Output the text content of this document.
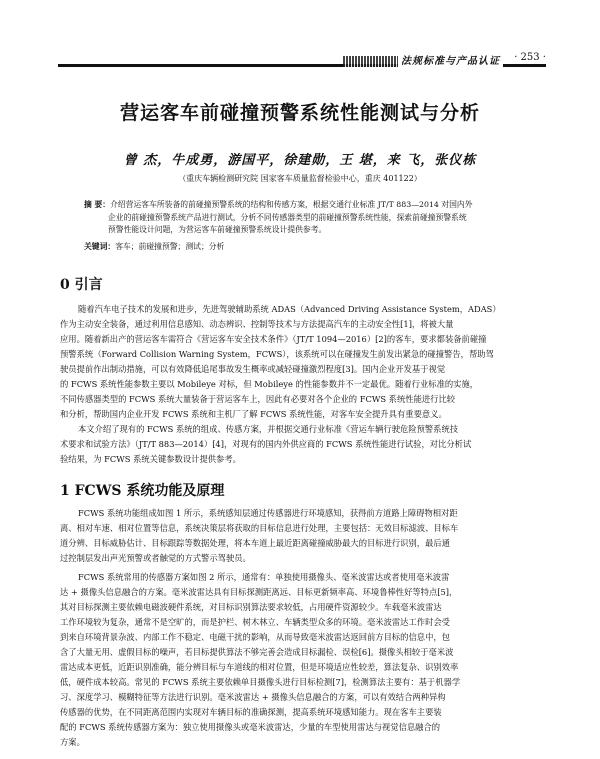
法规标准与产品认证	· 253 ·
营运客车前碰撞预警系统性能测试与分析
曾 杰，牛成勇，游国平，徐建勋，王 堪，来 飞，张仪栋
（重庆车辆检测研究院 国家客车质量监督检验中心，重庆 401122）
摘 要：介绍营运客车所装备的前碰撞预警系统的结构和传感方案，根据交通行业标准 JT/T 883—2014 对国内外
企业的前碰撞预警系统产品进行测试，分析不同传感器类型的前碰撞预警系统性能，探索前碰撞预警系统
预警性能设计问题，为营运客车前碰撞预警系统设计提供参考。
关键词：客车；前碰撞预警；测试；分析
0 引言
随着汽车电子技术的发展和进步，先进驾驶辅助系统 ADAS（Advanced Driving Assistance System，ADAS）
作为主动安全装备，通过利用信息感知、动态辨识、控制等技术与方法提高汽车的主动安全性[1]，将被大量
应用。随着新出产的营运客车需符合《营运客车安全技术条件》（JT/T 1094—2016）[2]的客车，要求都装备前碰撞
预警系统（Forward Collision Warning System，FCWS），该系统可以在碰撞发生前发出紧急的碰撞警告，帮助驾
驶员提前作出制动措施，可以有效降低追尾事故发生概率或减轻碰撞激烈程度[3]。国内企业开发基于视觉
的 FCWS 系统性能参数主要以 Mobileye 对标，但 Mobileye 的性能参数并不一定最优。随着行业标准的实施，
不同传感器类型的 FCWS 系统大量装备于营运客车上，因此有必要对各个企业的 FCWS 系统性能进行比较
和分析，帮助国内企业开发 FCWS 系统和主机厂了解 FCWS 系统性能，对客车安全提升具有重要意义。
本文介绍了现有的 FCWS 系统的组成、传感方案，并根据交通行业标准《营运车辆行驶危险预警系统技
术要求和试验方法》（JT/T 883—2014）[4]，对现有的国内外供应商的 FCWS 系统性能进行试验，对比分析试
验结果，为 FCWS 系统关键参数设计提供参考。
1 FCWS 系统功能及原理
FCWS 系统功能组成如图 1 所示，系统感知层通过传感器进行环境感知，获得前方道路上障碍物相对距
离、相对车速、相对位置等信息，系统决策层将获取的目标信息进行处理，主要包括：无效目标滤波、目标车
道分辨、目标威胁估计、目标跟踪等数据处理，将本车道上最近距离碰撞威胁最大的目标进行识别，最后通
过控制层发出声光预警或者触觉的方式警示驾驶员。
FCWS 系统常用的传感器方案如图 2 所示，通常有：单独使用摄像头、毫米波雷达或者使用毫米波雷
达 + 摄像头信息融合的方案。毫米波雷达具有目标探测距离远、目标更新频率高、环境鲁棒性好等特点[5]，
其对目标探测主要依赖电磁波硬件系统，对目标识别算法要求较低，占用硬件资源较少。车载毫米波雷达
工作环境较为复杂，通常不是空旷的，而是护栏、树木林立、车辆类型众多的环境。毫米波雷达工作时会受
到来自环境背景杂波、内部工作不稳定、电磁干扰的影响，从而导致毫米波雷达返回前方目标的信息中，包
含了大量无用、虚假目标的噪声，若目标提供算法不够完善会造成目标漏检、误检[6]。摄像头相较于毫米波
雷达成本更低，近距识别准确，能分辨目标与车道线的相对位置，但是环境适应性较差，算法复杂、识别效率
低，硬件成本较高。常见的 FCWS 系统主要依赖单目摄像头进行目标检测[7]，检测算法主要有：基于机器学
习、深度学习、模糊特征等方法进行识别。毫米波雷达 + 摄像头信息融合的方案，可以有效结合两种异构
传感器的优势，在不同距离范围内实现对车辆目标的准确探测，提高系统环境感知能力。现在客车主要装
配的 FCWS 系统传感器方案为：独立使用摄像头或毫米波雷达，少量的车型使用雷达与视觉信息融合的
方案。
